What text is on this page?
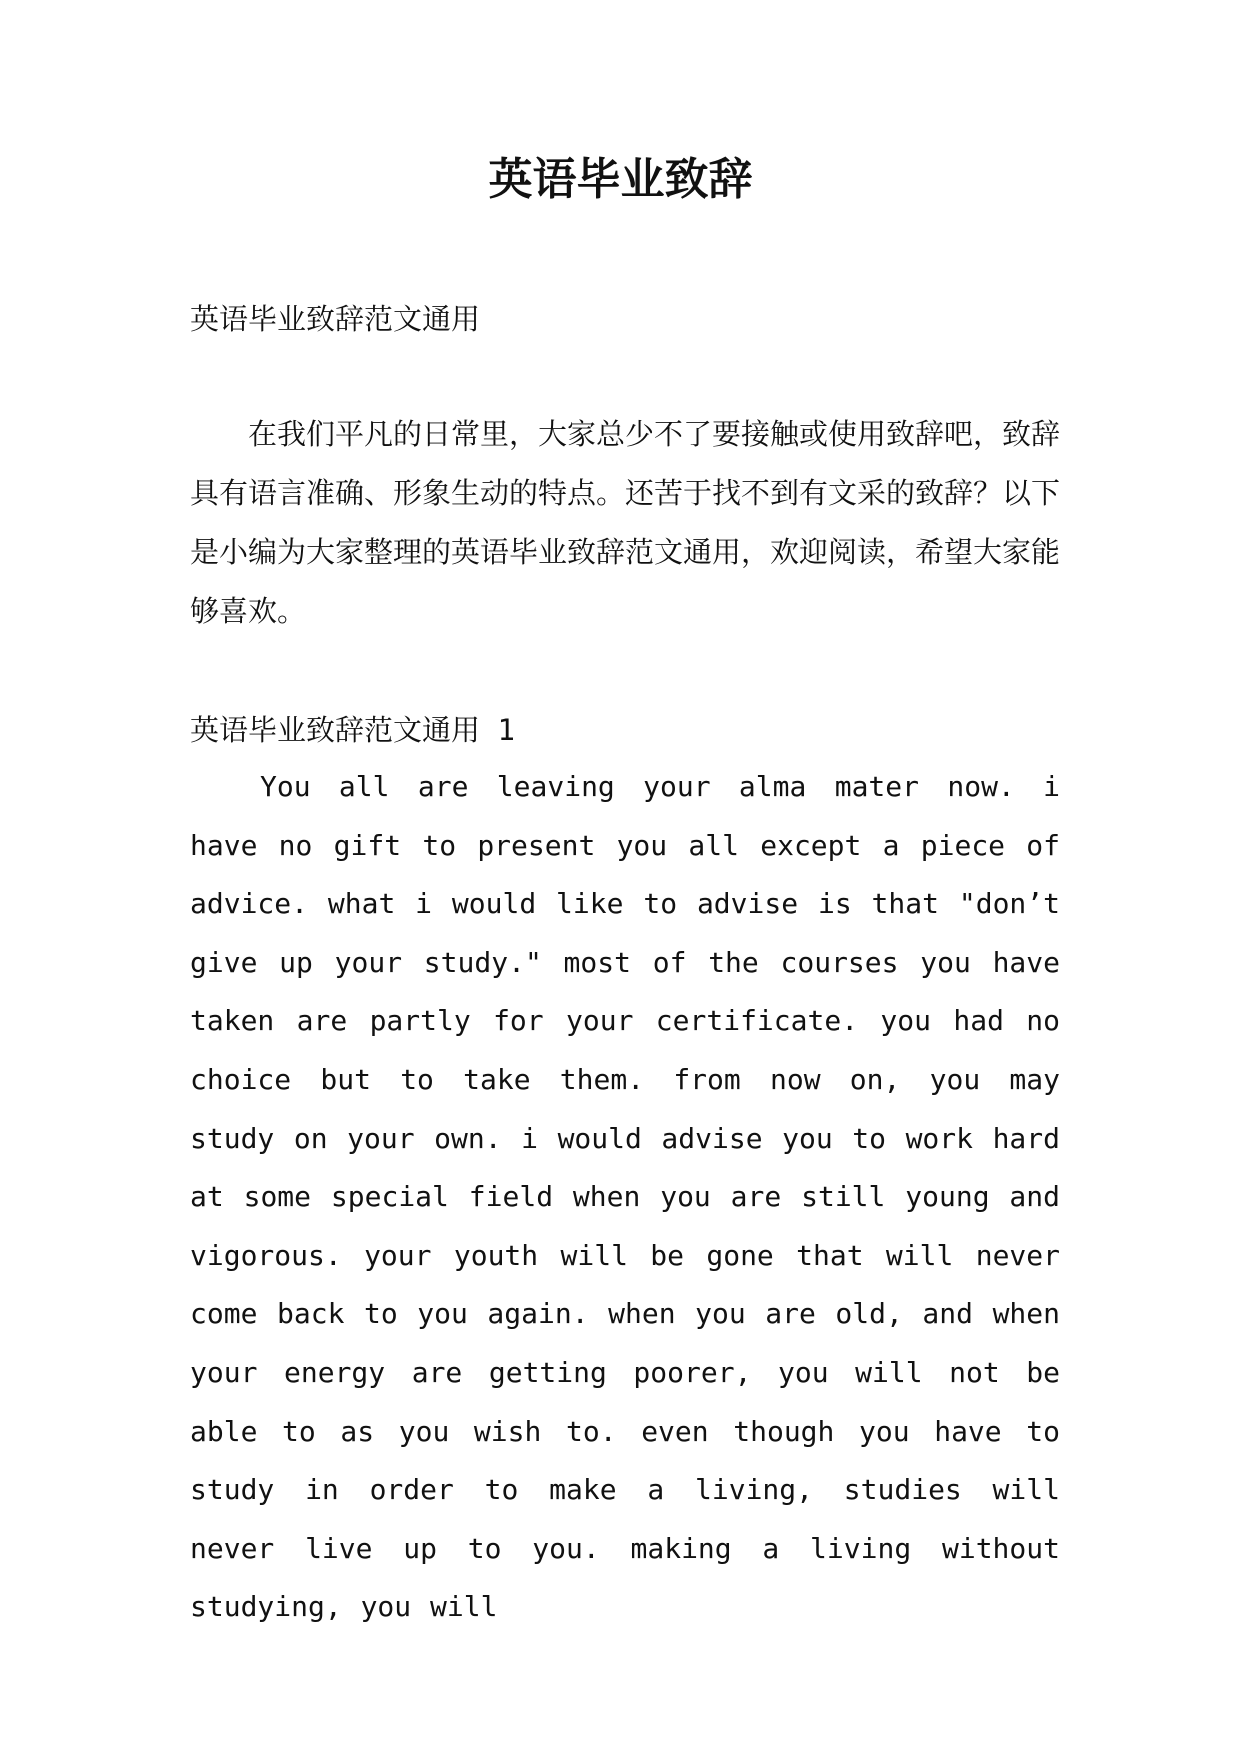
英语毕业致辞

英语毕业致辞范文通用

在我们平凡的日常里，大家总少不了要接触或使用致辞吧，致辞具有语言准确、形象生动的特点。还苦于找不到有文采的致辞？以下是小编为大家整理的英语毕业致辞范文通用，欢迎阅读，希望大家能够喜欢。

英语毕业致辞范文通用 1

You all are leaving your alma mater now. i have no gift to present you all except a piece of advice. what i would like to advise is that "don’t give up your study." most of the courses you have taken are partly for your certificate. you had no choice but to take them. from now on, you may study on your own. i would advise you to work hard at some special field when you are still young and vigorous. your youth will be gone that will never come back to you again. when you are old, and when your energy are getting poorer, you will not be able to as you wish to. even though you have to study in order to make a living, studies will never live up to you. making a living without studying, you will
